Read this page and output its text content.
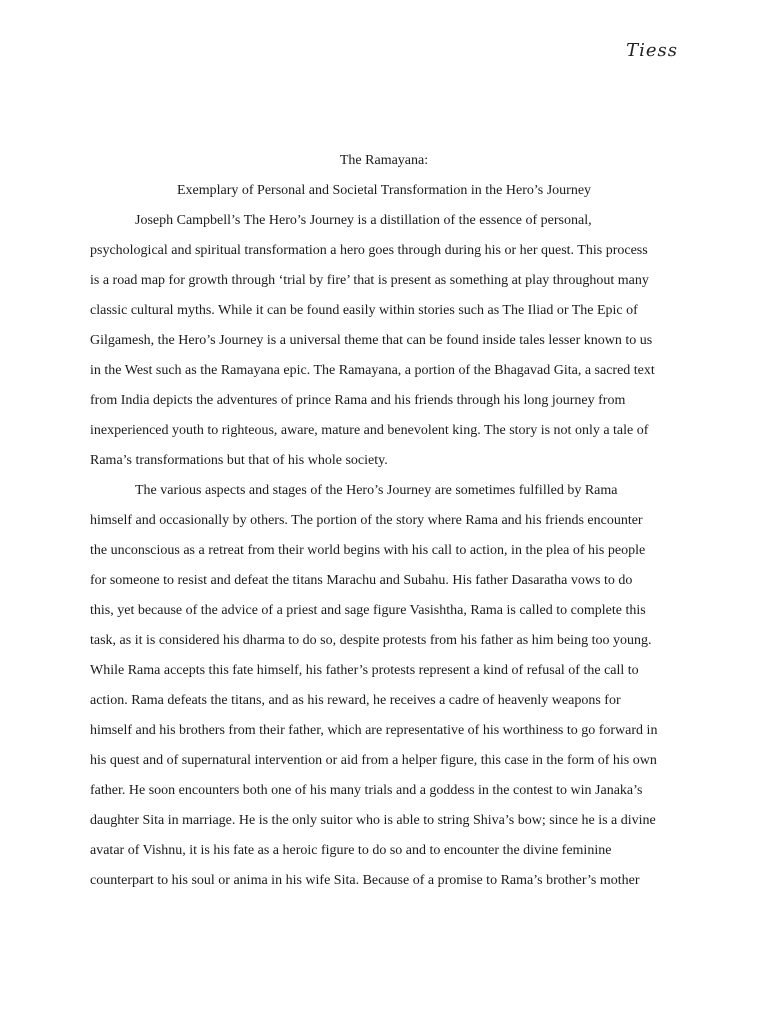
Tiess
The Ramayana:
Exemplary of Personal and Societal Transformation in the Hero’s Journey
Joseph Campbell’s The Hero’s Journey is a distillation of the essence of personal,
psychological and spiritual transformation a hero goes through during his or her quest. This process
is a road map for growth through ‘trial by fire’ that is present as something at play throughout many
classic cultural myths. While it can be found easily within stories such as The Iliad or The Epic of
Gilgamesh, the Hero’s Journey is a universal theme that can be found inside tales lesser known to us
in the West such as the Ramayana epic. The Ramayana, a portion of the Bhagavad Gita, a sacred text
from India depicts the adventures of prince Rama and his friends through his long journey from
inexperienced youth to righteous, aware, mature and benevolent king. The story is not only a tale of
Rama’s transformations but that of his whole society.
The various aspects and stages of the Hero’s Journey are sometimes fulfilled by Rama
himself and occasionally by others. The portion of the story where Rama and his friends encounter
the unconscious as a retreat from their world begins with his call to action, in the plea of his people
for someone to resist and defeat the titans Marachu and Subahu. His father Dasaratha vows to do
this, yet because of the advice of a priest and sage figure Vasishtha, Rama is called to complete this
task, as it is considered his dharma to do so, despite protests from his father as him being too young.
While Rama accepts this fate himself, his father’s protests represent a kind of refusal of the call to
action. Rama defeats the titans, and as his reward, he receives a cadre of heavenly weapons for
himself and his brothers from their father, which are representative of his worthiness to go forward in
his quest and of supernatural intervention or aid from a helper figure, this case in the form of his own
father. He soon encounters both one of his many trials and a goddess in the contest to win Janaka’s
daughter Sita in marriage. He is the only suitor who is able to string Shiva’s bow; since he is a divine
avatar of Vishnu, it is his fate as a heroic figure to do so and to encounter the divine feminine
counterpart to his soul or anima in his wife Sita. Because of a promise to Rama’s brother’s mother
